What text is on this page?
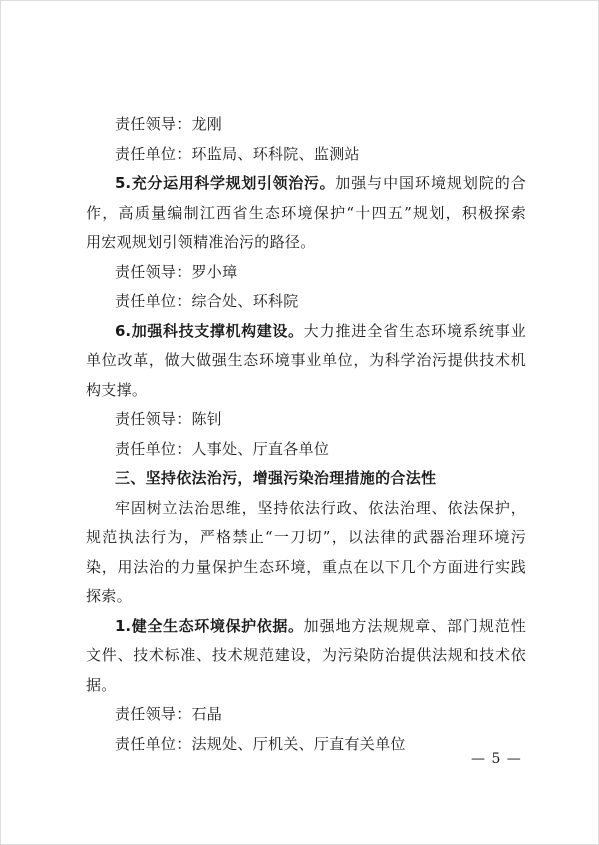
责任领导：龙刚
责任单位：环监局、环科院、监测站
5.充分运用科学规划引领治污。加强与中国环境规划院的合
作，高质量编制江西省生态环境保护“十四五”规划，积极探索
用宏观规划引领精准治污的路径。
责任领导：罗小璋
责任单位：综合处、环科院
6.加强科技支撑机构建设。大力推进全省生态环境系统事业
单位改革，做大做强生态环境事业单位，为科学治污提供技术机
构支撑。
责任领导：陈钊
责任单位：人事处、厅直各单位
三、坚持依法治污，增强污染治理措施的合法性
牢固树立法治思维，坚持依法行政、依法治理、依法保护，
规范执法行为，严格禁止“一刀切”，以法律的武器治理环境污
染，用法治的力量保护生态环境，重点在以下几个方面进行实践
探索。
1.健全生态环境保护依据。加强地方法规规章、部门规范性
文件、技术标准、技术规范建设，为污染防治提供法规和技术依
据。
责任领导：石晶
责任单位：法规处、厅机关、厅直有关单位
— 5 —
